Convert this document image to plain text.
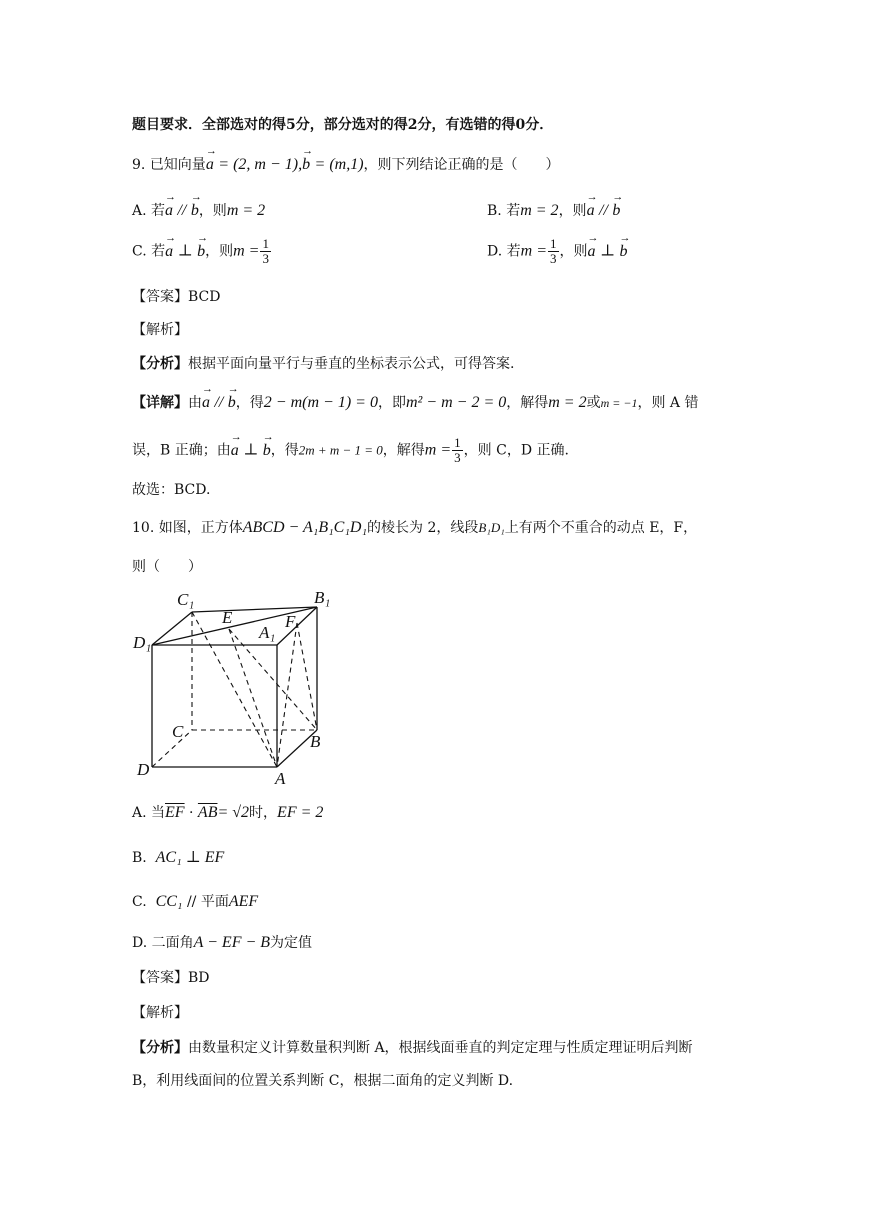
题目要求．全部选对的得5分，部分选对的得2分，有选错的得0分．
9. 已知向量→ a = (2, m − 1),→ b = (m,1)，则下列结论正确的是（　　）
A. 若→ a // → b，则m = 2	B. 若m = 2，则→ a // → b
C. 若→ a ⊥ → b，则$m = \frac{1}{3}$	D. 若$m = \frac{1}{3}$ ，则→ a ⊥ → b
【答案】BCD
【解析】
【分析】根据平面向量平行与垂直的坐标表示公式，可得答案.
【详解】由→ a // → b，得2 − m(m − 1) = 0，即m² − m − 2 = 0，解得m = 2或m = −1，则 A 错
误，B 正确；由→ a ⊥ → b，得2m + m − 1 = 0，解得$m = \frac{1}{3}$ ，则 C，D 正确.
故选：BCD.
10. 如图，正方体ABCD − A₁B₁C₁D₁的棱长为 2，线段B₁D₁上有两个不重合的动点 E，F，
则（　　）
C₁	B₁
D₁
A₁
E	F
C
B
D	A
A. 当$\overline{EF} \cdot \overline{AB}= √2$时，EF = 2
B. AC₁ ⊥ EF
C. CC₁ // 平面AEF
D. 二面角A − EF − B为定值
【答案】BD
【解析】
【分析】由数量积定义计算数量积判断 A，根据线面垂直的判定定理与性质定理证明后判断
B，利用线面间的位置关系判断 C，根据二面角的定义判断 D.
